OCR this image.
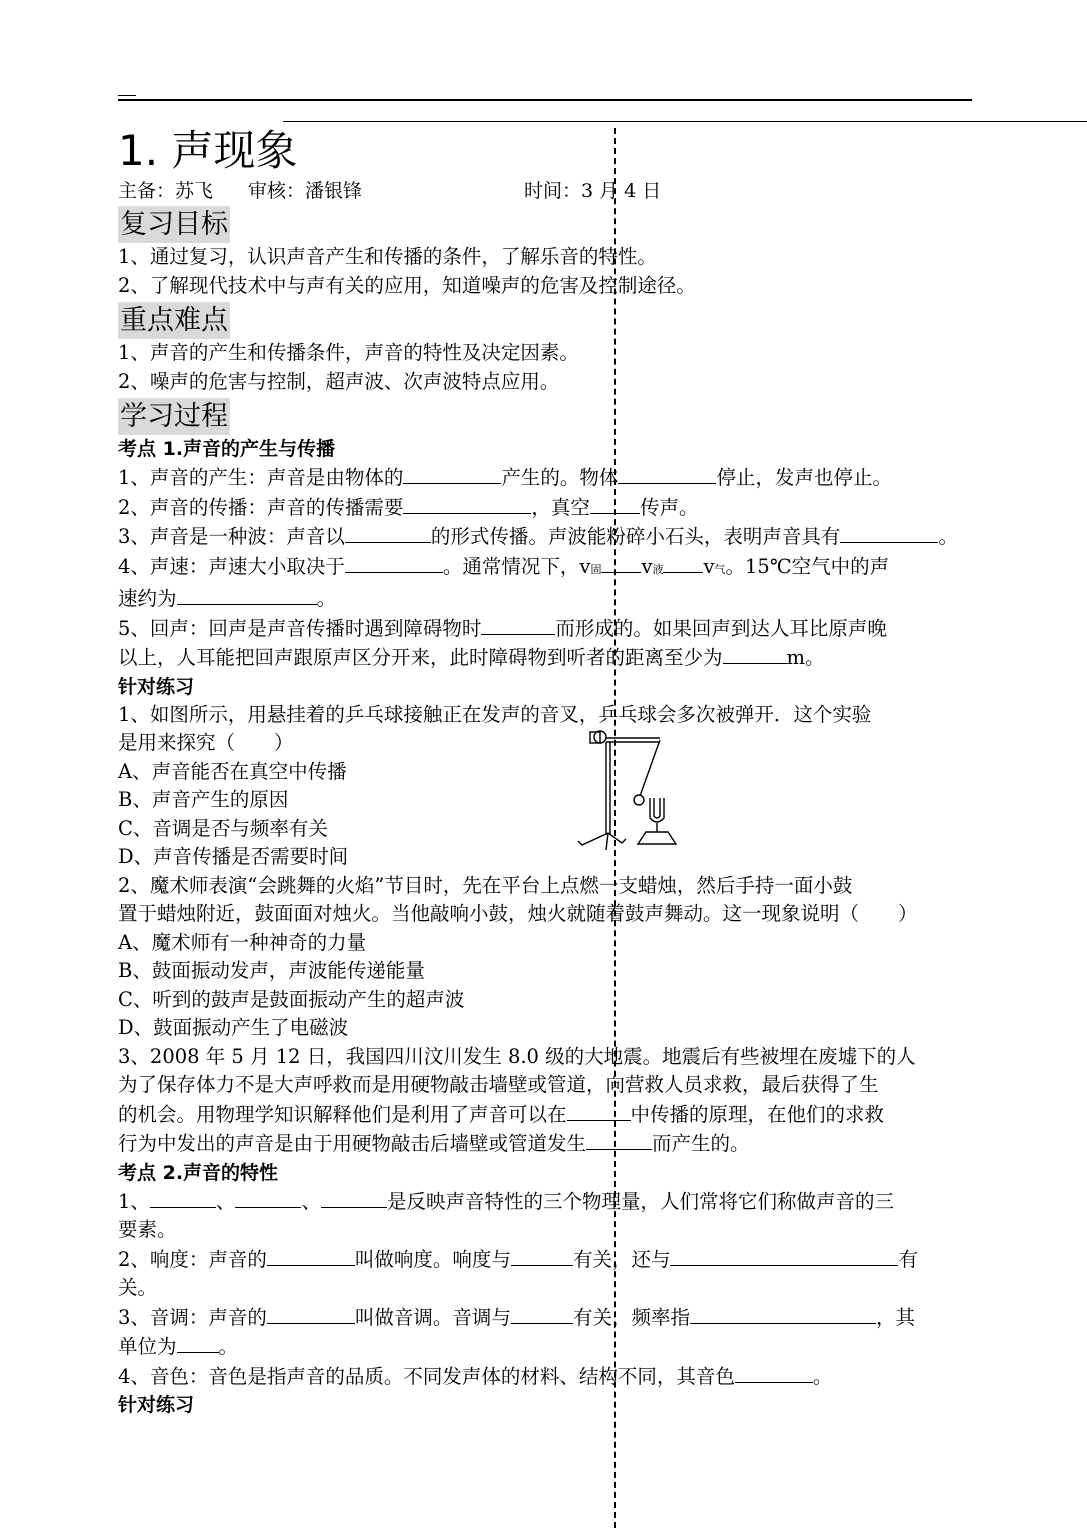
1. 声现象
主备：苏飞 审核：潘银锋	时间：3 月 4 日
复习目标

1、通过复习，认识声音产生和传播的条件，了解乐音的特性。

2、了解现代技术中与声有关的应用，知道噪声的危害及控制途径。

重点难点

1、声音的产生和传播条件，声音的特性及决定因素。

2、噪声的危害与控制，超声波、次声波特点应用。

学习过程
考点 1.声音的产生与传播

1、声音的产生：声音是由物体的	产生的。物体	停止，发声也停止。

2、声音的传播：声音的传播需要	，真空	传声。

3、声音是一种波：声音以	的形式传播。声波能粉碎小石头，表明声音具有	。

4、声速：声速大小取决于	。通常情况下，v固 v液 v气。15℃空气中的声

速约为	。

5、回声：回声是声音传播时遇到障碍物时	而形成的。如果回声到达人耳比原声晚

以上，人耳能把回声跟原声区分开来，此时障碍物到听者的距离至少为	m。

针对练习

1、如图所示，用悬挂着的乒乓球接触正在发声的音叉，乒乓球会多次被弹开．这个实验

是用来探究（　　）

A、声音能否在真空中传播

B、声音产生的原因

C、音调是否与频率有关

D、声音传播是否需要时间

2、魔术师表演“会跳舞的火焰”节目时，先在平台上点燃一支蜡烛，然后手持一面小鼓

置于蜡烛附近，鼓面面对烛火。当他敲响小鼓，烛火就随着鼓声舞动。这一现象说明（　　）

A、魔术师有一种神奇的力量

B、鼓面振动发声，声波能传递能量

C、听到的鼓声是鼓面振动产生的超声波

D、鼓面振动产生了电磁波

3、2008 年 5 月 12 日，我国四川汶川发生 8.0 级的大地震。地震后有些被埋在废墟下的人

为了保存体力不是大声呼救而是用硬物敲击墙壁或管道，向营救人员求救，最后获得了生

的机会。用物理学知识解释他们是利用了声音可以在	中传播的原理，在他们的求救

行为中发出的声音是由于用硬物敲击后墙壁或管道发生	而产生的。

考点 2.声音的特性

1、	、	、	是反映声音特性的三个物理量，人们常将它们称做声音的三

要素。

2、响度：声音的	叫做响度。响度与	有关，还与	有

关。

3、音调：声音的	叫做音调。音调与	有关，频率指	，其

单位为 。

4、音色：音色是指声音的品质。不同发声体的材料、结构不同，其音色	。

针对练习
